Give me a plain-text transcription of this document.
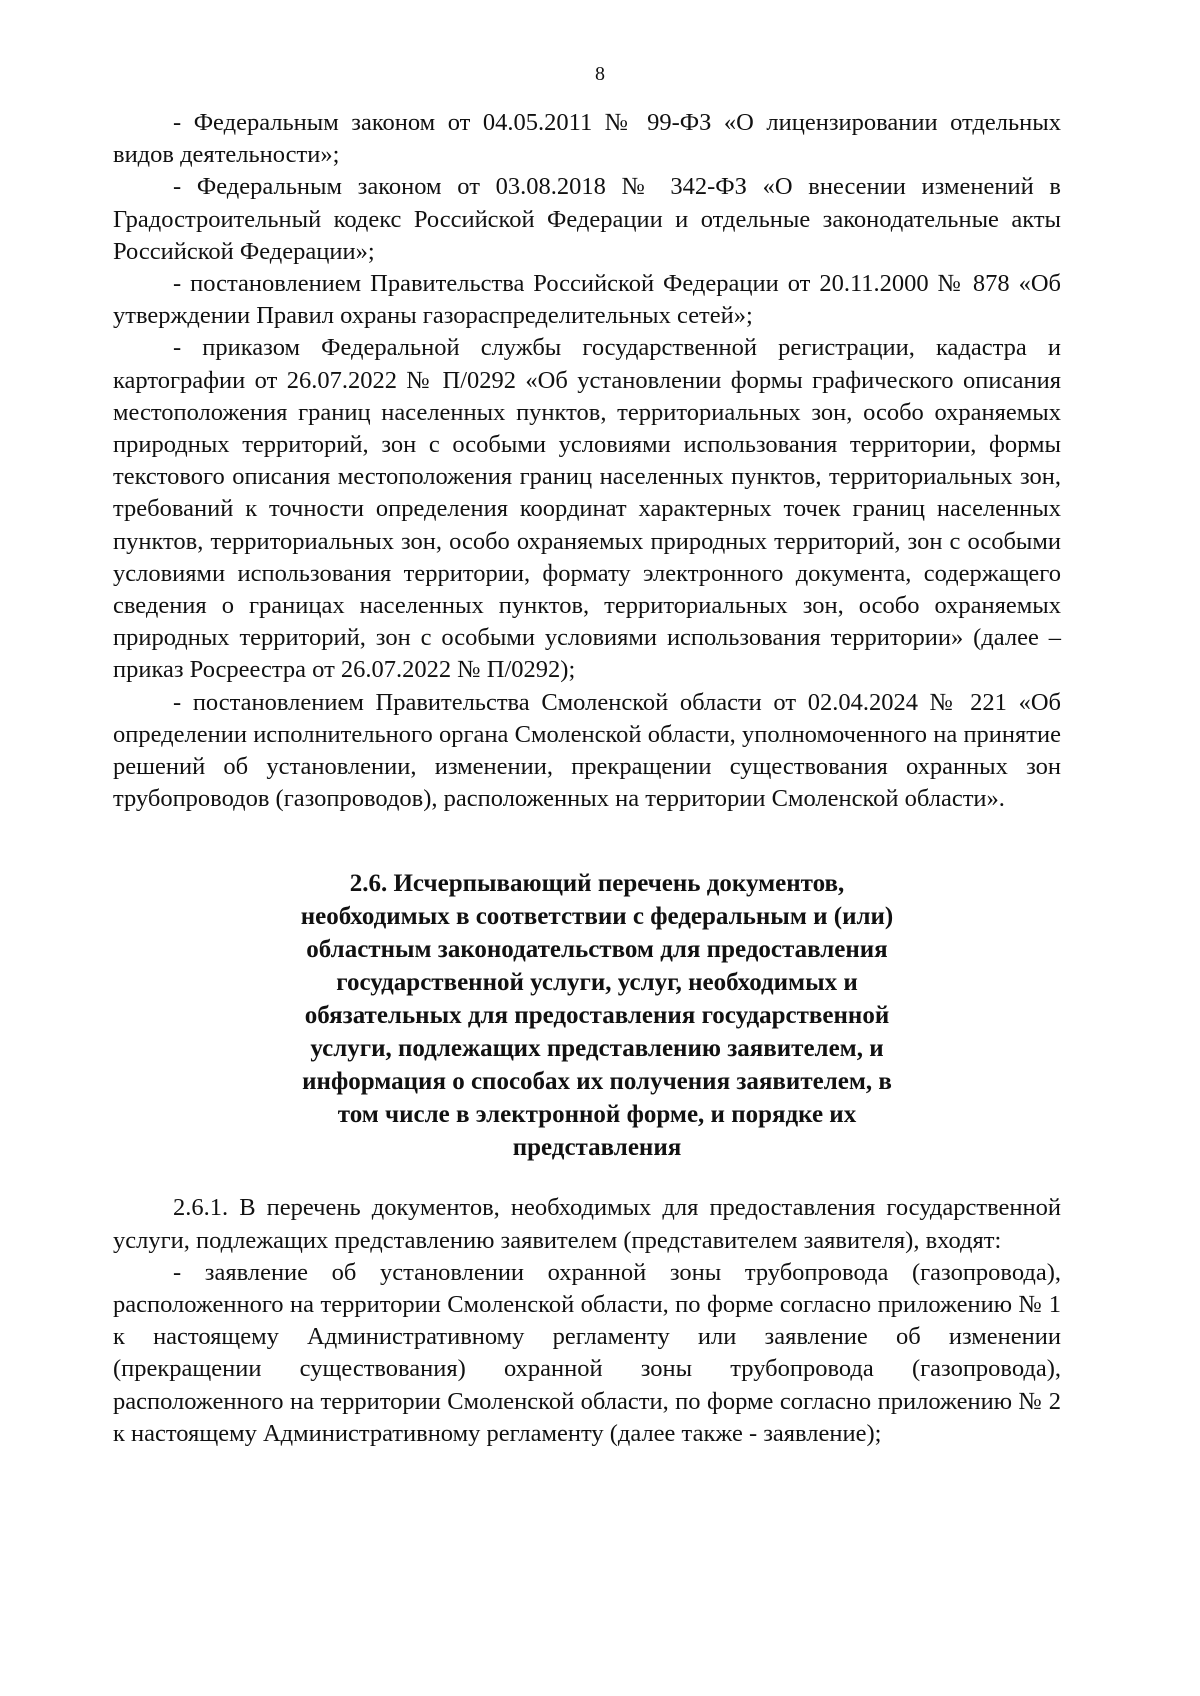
8

- Федеральным законом от 04.05.2011 № 99-ФЗ «О лицензировании отдельных видов деятельности»;

- Федеральным законом от 03.08.2018 № 342-ФЗ «О внесении изменений в Градостроительный кодекс Российской Федерации и отдельные законодательные акты Российской Федерации»;

- постановлением Правительства Российской Федерации от 20.11.2000 № 878 «Об утверждении Правил охраны газораспределительных сетей»;

- приказом Федеральной службы государственной регистрации, кадастра и картографии от 26.07.2022 № П/0292 «Об установлении формы графического описания местоположения границ населенных пунктов, территориальных зон, особо охраняемых природных территорий, зон с особыми условиями использования территории, формы текстового описания местоположения границ населенных пунктов, территориальных зон, требований к точности определения координат характерных точек границ населенных пунктов, территориальных зон, особо охраняемых природных территорий, зон с особыми условиями использования территории, формату электронного документа, содержащего сведения о границах населенных пунктов, территориальных зон, особо охраняемых природных территорий, зон с особыми условиями использования территории» (далее – приказ Росреестра от 26.07.2022 № П/0292);

- постановлением Правительства Смоленской области от 02.04.2024 № 221 «Об определении исполнительного органа Смоленской области, уполномоченного на принятие решений об установлении, изменении, прекращении существования охранных зон трубопроводов (газопроводов), расположенных на территории Смоленской области».

2.6. Исчерпывающий перечень документов,
необходимых в соответствии с федеральным и (или)
областным законодательством для предоставления
государственной услуги, услуг, необходимых и
обязательных для предоставления государственной
услуги, подлежащих представлению заявителем, и
информация о способах их получения заявителем, в
том числе в электронной форме, и порядке их
представления

2.6.1. В перечень документов, необходимых для предоставления государственной услуги, подлежащих представлению заявителем (представителем заявителя), входят:

- заявление об установлении охранной зоны трубопровода (газопровода), расположенного на территории Смоленской области, по форме согласно приложению № 1 к настоящему Административному регламенту или заявление об изменении (прекращении существования) охранной зоны трубопровода (газопровода), расположенного на территории Смоленской области, по форме согласно приложению № 2 к настоящему Административному регламенту (далее также - заявление);
